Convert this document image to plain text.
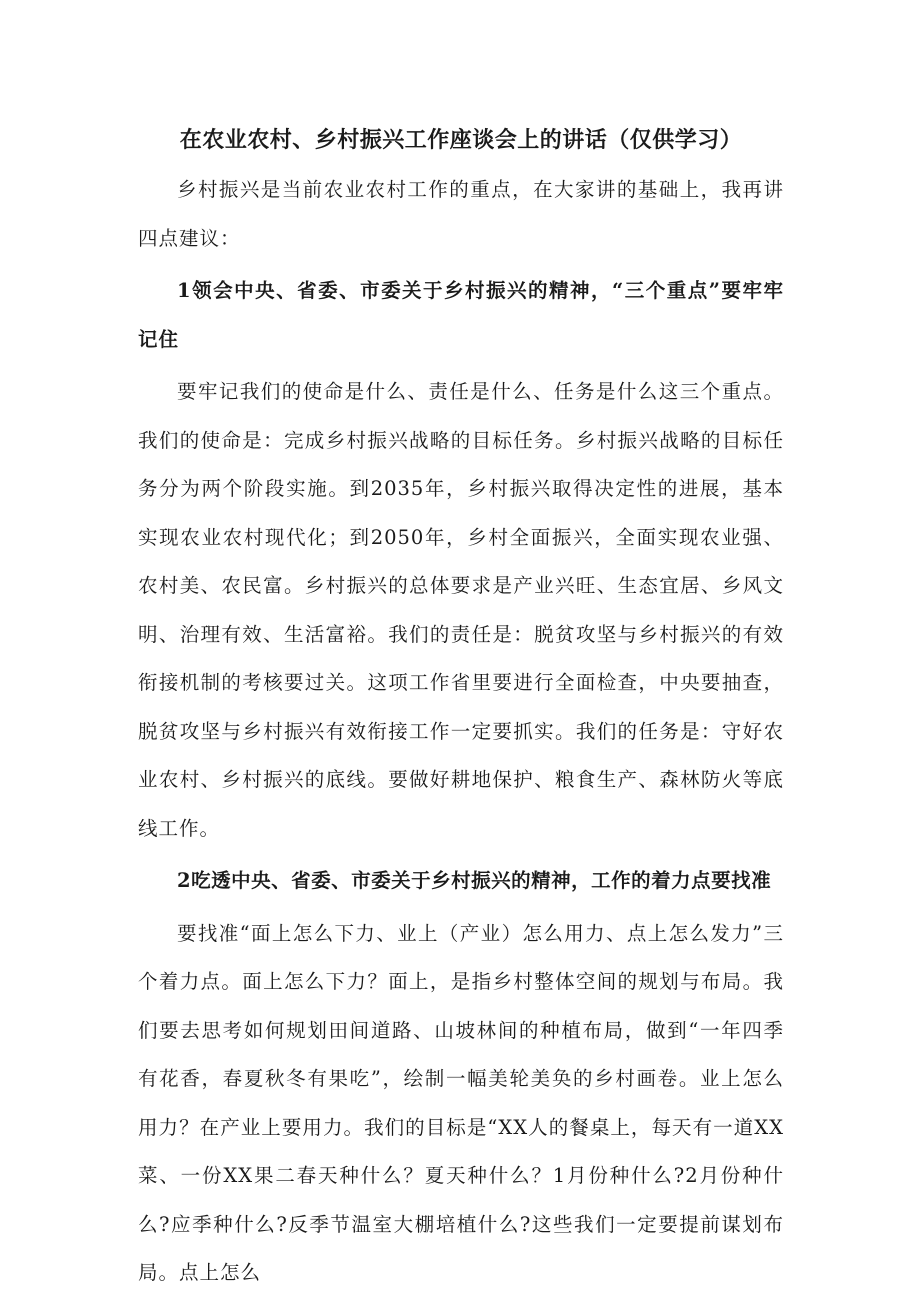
在农业农村、乡村振兴工作座谈会上的讲话（仅供学习）

乡村振兴是当前农业农村工作的重点，在大家讲的基础上，我再讲四点建议：

1领会中央、省委、市委关于乡村振兴的精神，“三个重点”要牢牢记住

要牢记我们的使命是什么、责任是什么、任务是什么这三个重点。我们的使命是：完成乡村振兴战略的目标任务。乡村振兴战略的目标任务分为两个阶段实施。到2035年，乡村振兴取得决定性的进展，基本实现农业农村现代化；到2050年，乡村全面振兴，全面实现农业强、农村美、农民富。乡村振兴的总体要求是产业兴旺、生态宜居、乡风文明、治理有效、生活富裕。我们的责任是：脱贫攻坚与乡村振兴的有效衔接机制的考核要过关。这项工作省里要进行全面检查，中央要抽查，脱贫攻坚与乡村振兴有效衔接工作一定要抓实。我们的任务是：守好农业农村、乡村振兴的底线。要做好耕地保护、粮食生产、森林防火等底线工作。

2吃透中央、省委、市委关于乡村振兴的精神，工作的着力点要找准

要找准“面上怎么下力、业上（产业）怎么用力、点上怎么发力”三个着力点。面上怎么下力？面上，是指乡村整体空间的规划与布局。我们要去思考如何规划田间道路、山坡林间的种植布局，做到“一年四季有花香，春夏秋冬有果吃”，绘制一幅美轮美奂的乡村画卷。业上怎么用力？在产业上要用力。我们的目标是“XX人的餐桌上，每天有一道XX菜、一份XX果二春天种什么？夏天种什么？1月份种什么?2月份种什么?应季种什么?反季节温室大棚培植什么?这些我们一定要提前谋划布局。点上怎么
